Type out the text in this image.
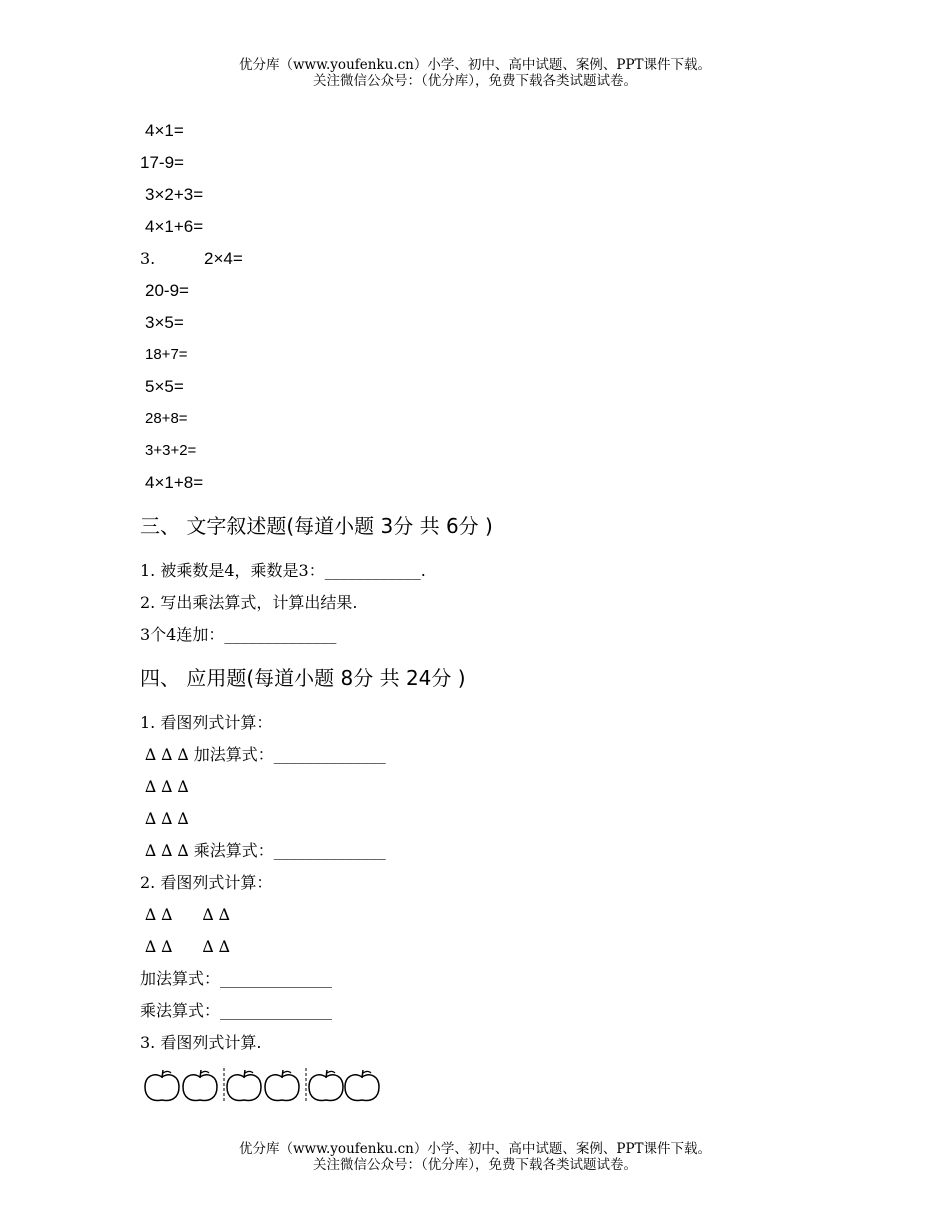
优分库（www.youfenku.cn）小学、初中、高中试题、案例、PPT课件下载。
关注微信公众号：（优分库），免费下载各类试题试卷。
4×1=
17-9=
3×2+3=
4×1+6=
3.	2×4=
20-9=
3×5=
18+7=
5×5=
28+8=
3+3+2=
4×1+8=
三、 文字叙述题(每道小题 3分 共 6分 )
1. 被乘数是4，乘数是3：____________.
2. 写出乘法算式，计算出结果.
3个4连加：______________
四、 应用题(每道小题 8分 共 24分 )
1. 看图列式计算：
∆ ∆ ∆ 加法算式：______________
∆ ∆ ∆
∆ ∆ ∆
∆ ∆ ∆ 乘法算式：______________
2. 看图列式计算：
∆ ∆ ∆ ∆
∆ ∆ ∆ ∆
加法算式：______________
乘法算式：______________
3. 看图列式计算.
优分库（www.youfenku.cn）小学、初中、高中试题、案例、PPT课件下载。
关注微信公众号：（优分库），免费下载各类试题试卷。
